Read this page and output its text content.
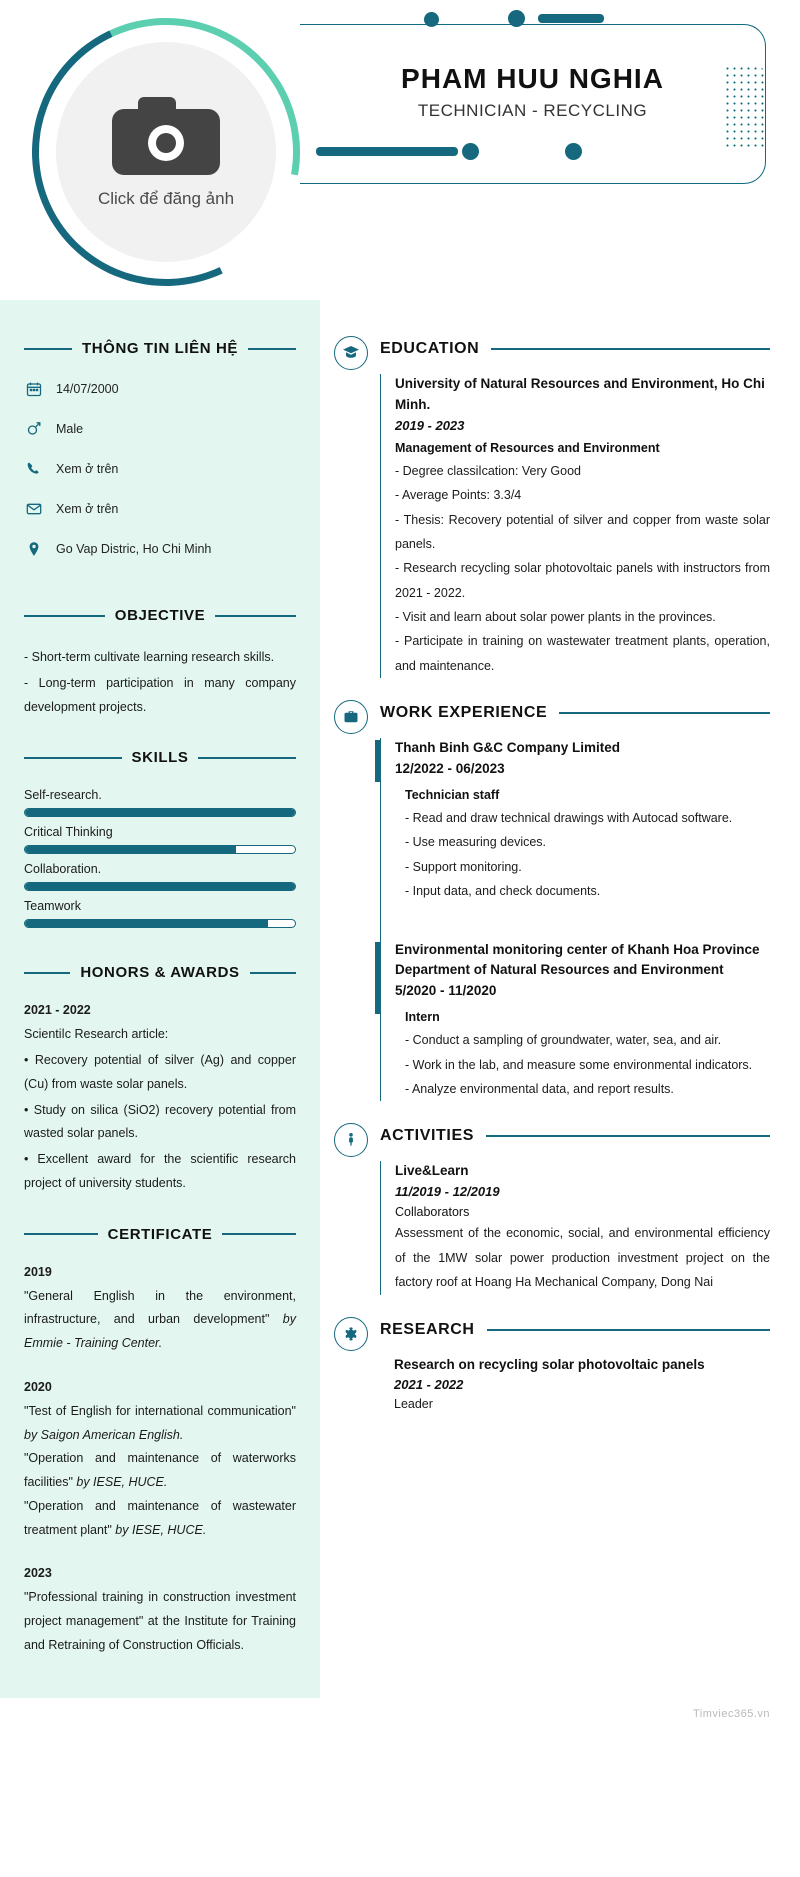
Click để đăng ảnh
PHAM HUU NGHIA
TECHNICIAN - RECYCLING
THÔNG TIN LIÊN HỆ
14/07/2000
Male
Xem ở trên
Xem ở trên
Go Vap Distric, Ho Chi Minh
OBJECTIVE

- Short-term cultivate learning research skills.

- Long-term participation in many company development projects.

SKILLS
Self-research.
Critical Thinking
Collaboration.
Teamwork
HONORS & AWARDS
2021 - 2022

Scientiǀc Research article:

• Recovery potential of silver (Ag) and copper (Cu) from waste solar panels.

• Study on silica (SiO2) recovery potential from wasted solar panels.

• Excellent award for the scientific research project of university students.

CERTIFICATE
2019
"General English in the environment, infrastructure, and urban development" by Emmie - Training Center.
2020
"Test of English for international communication" by Saigon American English.
"Operation and maintenance of waterworks facilities" by IESE, HUCE.
"Operation and maintenance of wastewater treatment plant" by IESE, HUCE.
2023
"Professional training in construction investment project management" at the Institute for Training and Retraining of Construction Officials.
EDUCATION
University of Natural Resources and Environment, Ho Chi Minh.
2019 - 2023
Management of Resources and Environment

- Degree classiǀcation: Very Good

- Average Points: 3.3/4

- Thesis: Recovery potential of silver and copper from waste solar panels.

- Research recycling solar photovoltaic panels with instructors from 2021 - 2022.

- Visit and learn about solar power plants in the provinces.

- Participate in training on wastewater treatment plants, operation, and maintenance.

WORK EXPERIENCE
Thanh Binh G&C Company Limited
12/2022 - 06/2023
Technician staff

- Read and draw technical drawings with Autocad software.

- Use measuring devices.

- Support monitoring.

- Input data, and check documents.

Environmental monitoring center of Khanh Hoa Province Department of Natural Resources and Environment
5/2020 - 11/2020
Intern

- Conduct a sampling of groundwater, water, sea, and air.

- Work in the lab, and measure some environmental indicators.

- Analyze environmental data, and report results.

ACTIVITIES
Live&Learn
11/2019 - 12/2019
Collaborators
Assessment of the economic, social, and environmental efficiency of the 1MW solar power production investment project on the factory roof at Hoang Ha Mechanical Company, Dong Nai
RESEARCH
Research on recycling solar photovoltaic panels
2021 - 2022
Leader
Timviec365.vn
